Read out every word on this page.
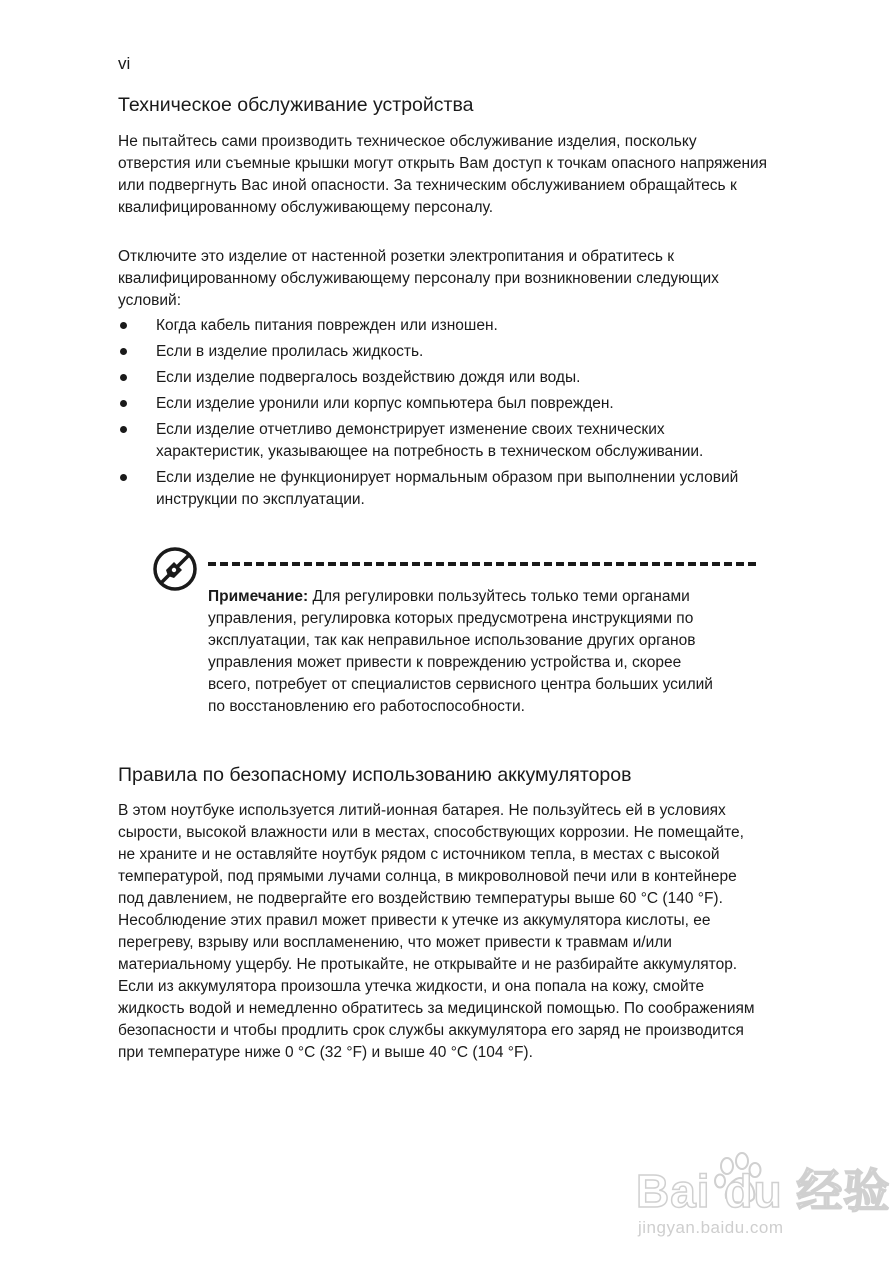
vi
Техническое обслуживание устройства

Не пытайтесь сами производить техническое обслуживание изделия, поскольку отверстия или съемные крышки могут открыть Вам доступ к точкам опасного напряжения или подвергнуть Вас иной опасности. За техническим обслуживанием обращайтесь к квалифицированному обслуживающему персоналу.

Отключите это изделие от настенной розетки электропитания и обратитесь к квалифицированному обслуживающему персоналу при возникновении следующих условий:

Когда кабель питания поврежден или изношен.
Если в изделие пролилась жидкость.
Если изделие подвергалось воздействию дождя или воды.
Если изделие уронили или корпус компьютера был поврежден.
Если изделие отчетливо демонстрирует изменение своих технических характеристик, указывающее на потребность в техническом обслуживании.
Если изделие не функционирует нормальным образом при выполнении условий инструкции по эксплуатации.

Примечание: Для регулировки пользуйтесь только теми органами управления, регулировка которых предусмотрена инструкциями по эксплуатации, так как неправильное использование других органов управления может привести к повреждению устройства и, скорее всего, потребует от специалистов сервисного центра больших усилий по восстановлению его работоспособности.

Правила по безопасному использованию аккумуляторов

В этом ноутбуке используется литий-ионная батарея. Не пользуйтесь ей в условиях сырости, высокой влажности или в местах, способствующих коррозии. Не помещайте, не храните и не оставляйте ноутбук рядом с источником тепла, в местах с высокой температурой, под прямыми лучами солнца, в микроволновой печи или в контейнере под давлением, не подвергайте его воздействию температуры выше 60 °C (140 °F). Несоблюдение этих правил может привести к утечке из аккумулятора кислоты, ее перегреву, взрыву или воспламенению, что может привести к травмам и/или материальному ущербу. Не протыкайте, не открывайте и не разбирайте аккумулятор. Если из аккумулятора произошла утечка жидкости, и она попала на кожу, смойте жидкость водой и немедленно обратитесь за медицинской помощью. По соображениям безопасности и чтобы продлить срок службы аккумулятора его заряд не производится при температуре ниже 0 °C (32 °F) и выше 40 °C (104 °F).

Bai du 经验
jingyan.baidu.com
